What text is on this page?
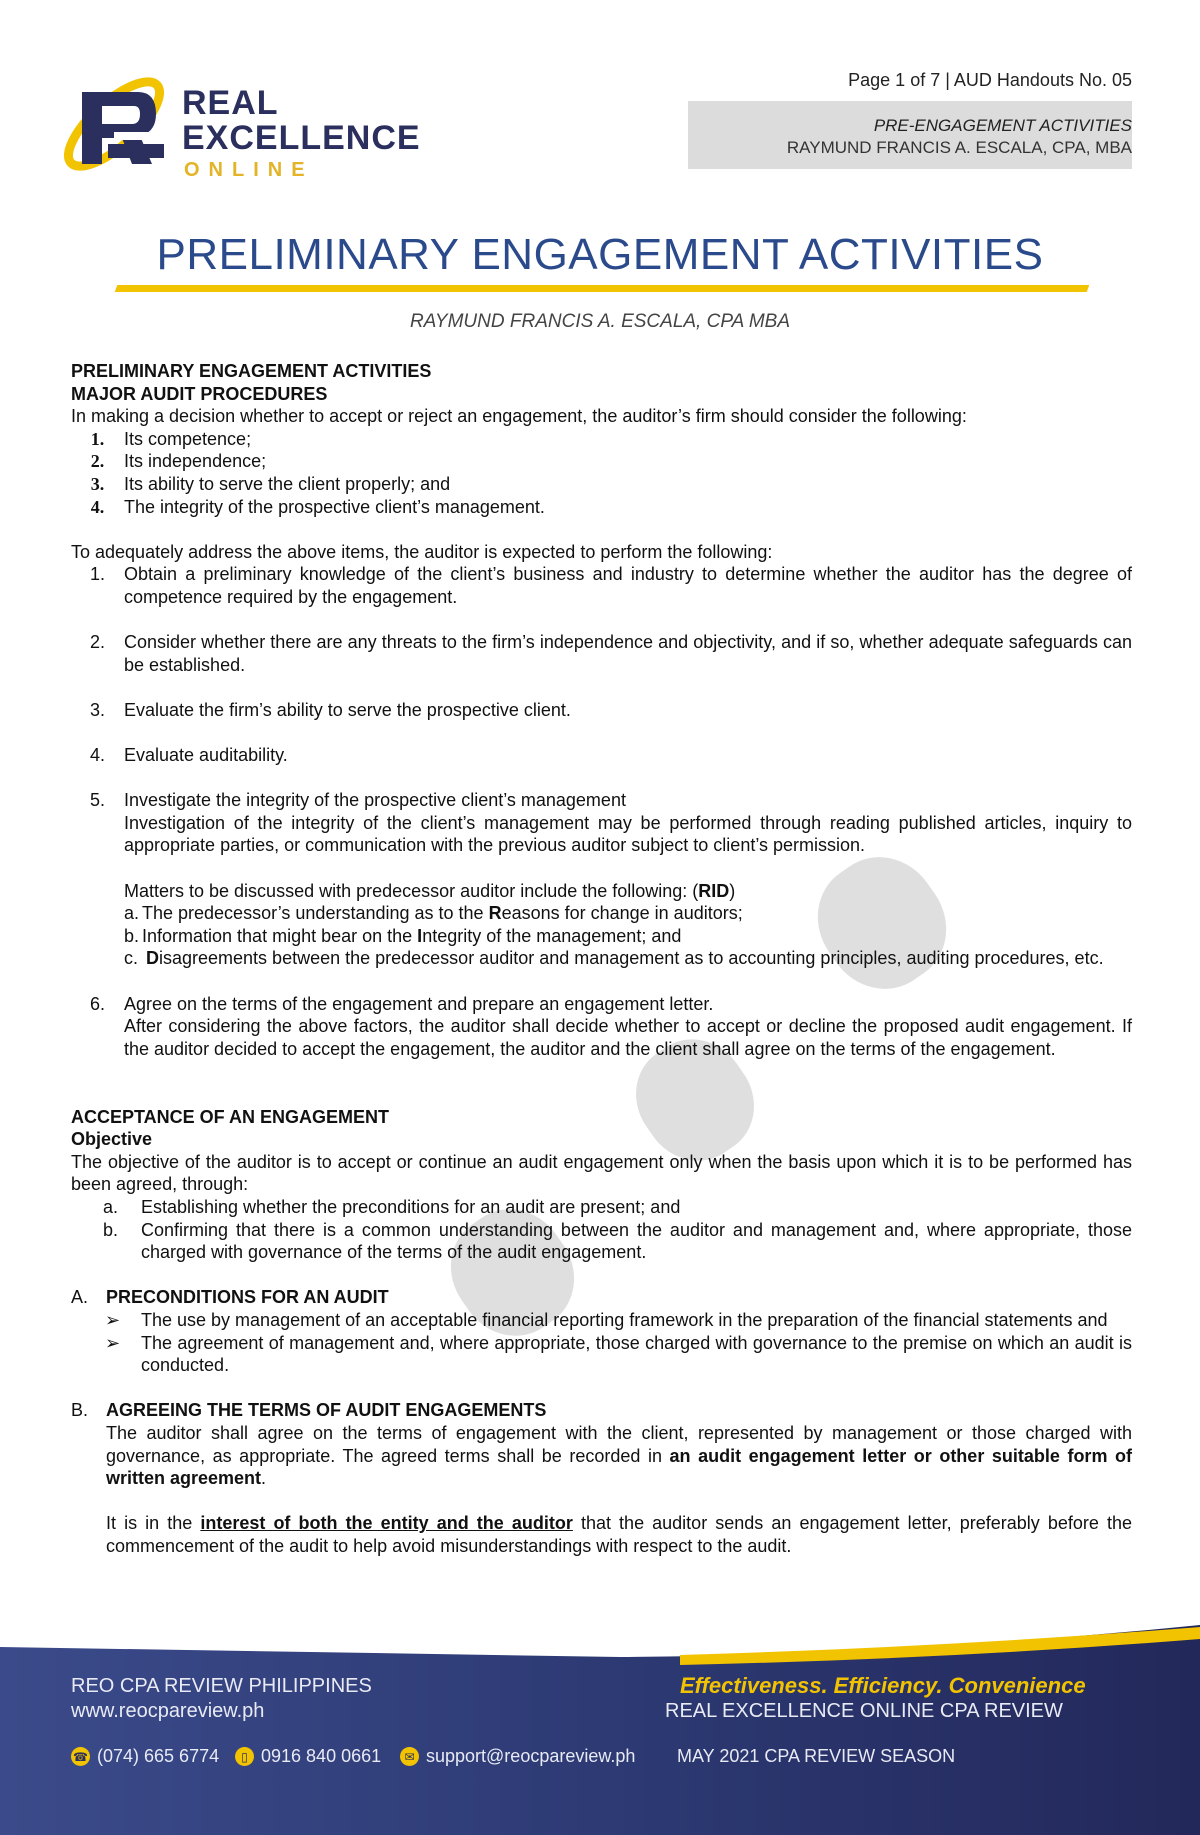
REAL
EXCELLENCE
ONLINE
Page 1 of 7 | AUD Handouts No. 05
PRE-ENGAGEMENT ACTIVITIES
RAYMUND FRANCIS A. ESCALA, CPA, MBA
PRELIMINARY ENGAGEMENT ACTIVITIES
RAYMUND FRANCIS A. ESCALA, CPA MBA

PRELIMINARY ENGAGEMENT ACTIVITIES

MAJOR AUDIT PROCEDURES

In making a decision whether to accept or reject an engagement, the auditor’s firm should consider the following:

1.	Its competence;
2.	Its independence;
3.	Its ability to serve the client properly; and
4.	The integrity of the prospective client’s management.

To adequately address the above items, the auditor is expected to perform the following:

1.	Obtain a preliminary knowledge of the client’s business and industry to determine whether the auditor has the degree of competence required by the engagement.
2.	Consider whether there are any threats to the firm’s independence and objectivity, and if so, whether adequate safeguards can be established.
3.	Evaluate the firm’s ability to serve the prospective client.
4.	Evaluate auditability.
5.	Investigate the integrity of the prospective client’s management

Investigation of the integrity of the client’s management may be performed through reading published articles, inquiry to appropriate parties, or communication with the previous auditor subject to client’s permission.

Matters to be discussed with predecessor auditor include the following: (RID)

a. The predecessor’s understanding as to the Reasons for change in auditors;
b. Information that might bear on the Integrity of the management; and
c. Disagreements between the predecessor auditor and management as to accounting principles, auditing procedures, etc.
6.	Agree on the terms of the engagement and prepare an engagement letter.

After considering the above factors, the auditor shall decide whether to accept or decline the proposed audit engagement. If the auditor decided to accept the engagement, the auditor and the client shall agree on the terms of the engagement.

ACCEPTANCE OF AN ENGAGEMENT

Objective

The objective of the auditor is to accept or continue an audit engagement only when the basis upon which it is to be performed has been agreed, through:

a.	Establishing whether the preconditions for an audit are present; and
b.	Confirming that there is a common understanding between the auditor and management and, where appropriate, those charged with governance of the terms of the audit engagement.
A. PRECONDITIONS FOR AN AUDIT
➢	The use by management of an acceptable financial reporting framework in the preparation of the financial statements and
➢	The agreement of management and, where appropriate, those charged with governance to the premise on which an audit is conducted.
B. AGREEING THE TERMS OF AUDIT ENGAGEMENTS

The auditor shall agree on the terms of engagement with the client, represented by management or those charged with governance, as appropriate. The agreed terms shall be recorded in an audit engagement letter or other suitable form of written agreement.

It is in the interest of both the entity and the auditor that the auditor sends an engagement letter, preferably before the commencement of the audit to help avoid misunderstandings with respect to the audit.

REO CPA REVIEW PHILIPPINES
www.reocpareview.ph
Effectiveness. Efficiency. Convenience
REAL EXCELLENCE ONLINE CPA REVIEW
☎ (074) 665 6774	▯ 0916 840 0661	✉ support@reocpareview.ph MAY 2021 CPA REVIEW SEASON
